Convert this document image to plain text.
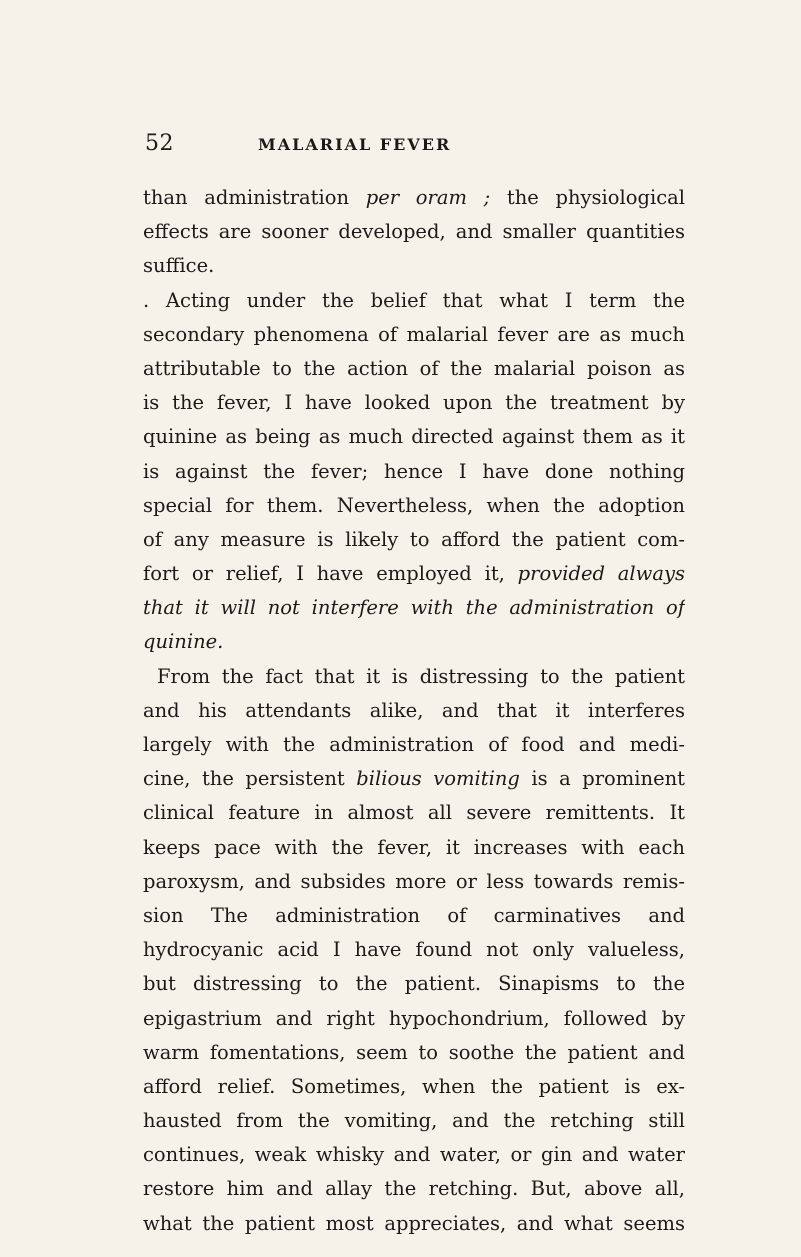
52	MALARIAL FEVER
than administration per oram ; the physiological
effects are sooner developed, and smaller quantities
suffice.
. Acting under the belief that what I term the
secondary phenomena of malarial fever are as much
attributable to the action of the malarial poison as
is the fever, I have looked upon the treatment by
quinine as being as much directed against them as it
is against the fever; hence I have done nothing
special for them. Nevertheless, when the adoption
of any measure is likely to afford the patient com-
fort or relief, I have employed it, provided always
that it will not interfere with the administration of
quinine.
From the fact that it is distressing to the patient
and his attendants alike, and that it interferes
largely with the administration of food and medi-
cine, the persistent bilious vomiting is a prominent
clinical feature in almost all severe remittents. It
keeps pace with the fever, it increases with each
paroxysm, and subsides more or less towards remis-
sion The administration of carminatives and
hydrocyanic acid I have found not only valueless,
but distressing to the patient. Sinapisms to the
epigastrium and right hypochondrium, followed by
warm fomentations, seem to soothe the patient and
afford relief. Sometimes, when the patient is ex-
hausted from the vomiting, and the retching still
continues, weak whisky and water, or gin and water
restore him and allay the retching. But, above all,
what the patient most appreciates, and what seems
